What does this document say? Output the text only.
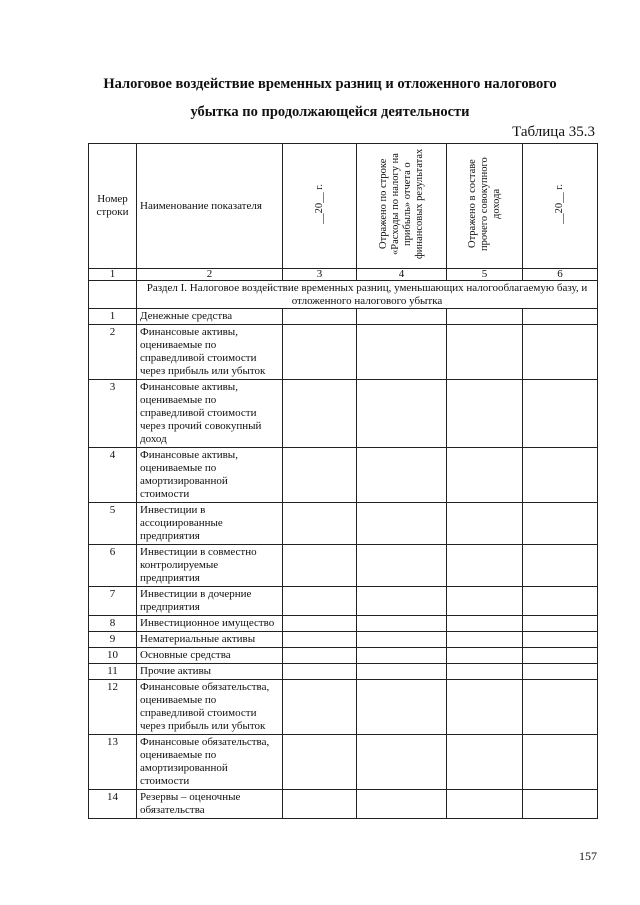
Налоговое воздействие временных разниц и отложенного налогового

убытка по продолжающейся деятельности

Таблица 35.3
Номер строки	Наименование показателя	__20__ г.	Отражено по строке «Расходы по налогу на прибыль» отчета о финансовых результатах	Отражено в составе прочего совокупного дохода	__20__ г.
1	2	3	4	5	6
	Раздел I. Налоговое воздействие временных разниц, уменьшающих налогооблагаемую базу, и отложенного налогового убытка				
1	Денежные средства				
2	Финансовые активы, оцениваемые по справедливой стоимости через прибыль или убыток				
3	Финансовые активы, оцениваемые по справедливой стоимости через прочий совокупный доход				
4	Финансовые активы, оцениваемые по амортизированной стоимости				
5	Инвестиции в ассоциированные предприятия				
6	Инвестиции в совместно контролируемые предприятия				
7	Инвестиции в дочерние предприятия				
8	Инвестиционное имущество				
9	Нематериальные активы				
10	Основные средства				
11	Прочие активы				
12	Финансовые обязательства, оцениваемые по справедливой стоимости через прибыль или убыток				
13	Финансовые обязательства, оцениваемые по амортизированной стоимости				
14	Резервы – оценочные обязательства				
157
